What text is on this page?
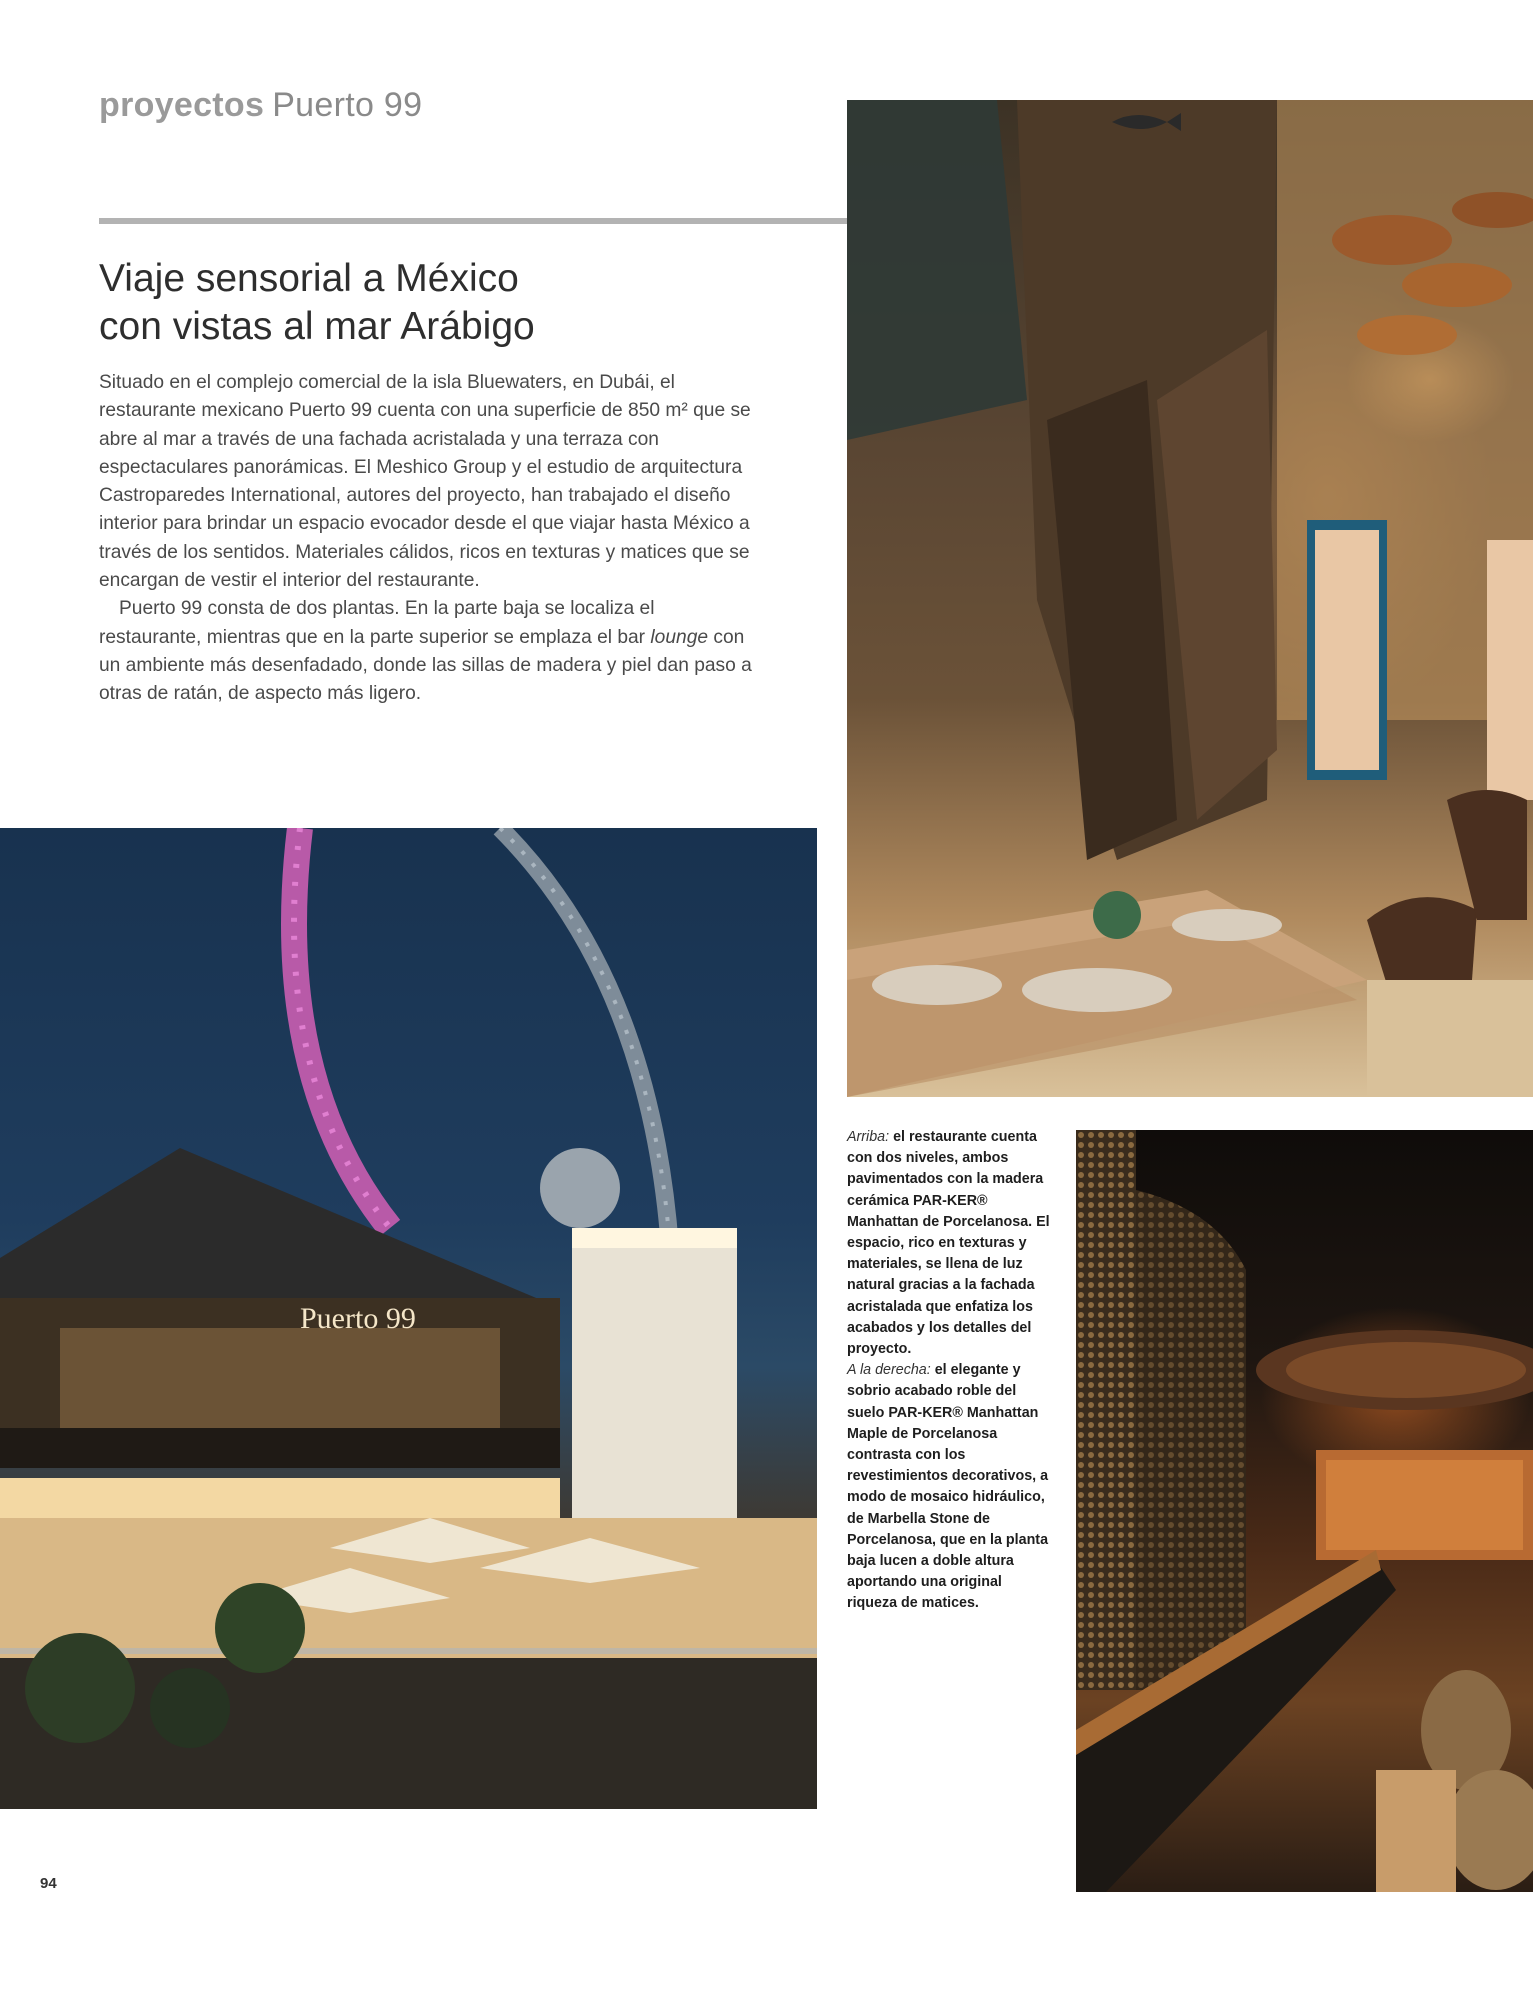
proyectos Puerto 99
Viaje sensorial a México
con vistas al mar Arábigo

Situado en el complejo comercial de la isla Bluewaters, en Dubái, el restaurante mexicano Puerto 99 cuenta con una superficie de 850 m² que se abre al mar a través de una fachada acristalada y una terraza con espectaculares panorámicas. El Meshico Group y el estudio de arquitectura Castroparedes International, autores del proyecto, han trabajado el diseño interior para brindar un espacio evocador desde el que viajar hasta México a través de los sentidos. Materiales cálidos, ricos en texturas y matices que se encargan de vestir el interior del restaurante.

Puerto 99 consta de dos plantas. En la parte baja se localiza el restaurante, mientras que en la parte superior se emplaza el bar lounge con un ambiente más desenfadado, donde las sillas de madera y piel dan paso a otras de ratán, de aspecto más ligero.

Puerto 99

Arriba: el restaurante cuenta con dos niveles, ambos pavimentados con la madera cerámica PAR-KER® Manhattan de Porcelanosa. El espacio, rico en texturas y materiales, se llena de luz natural gracias a la fachada acristalada que enfatiza los acabados y los detalles del proyecto.
A la derecha: el elegante y sobrio acabado roble del suelo PAR-KER® Manhattan Maple de Porcelanosa contrasta con los revestimientos decorativos, a modo de mosaico hidráulico, de Marbella Stone de Porcelanosa, que en la planta baja lucen a doble altura aportando una original riqueza de matices.

94
